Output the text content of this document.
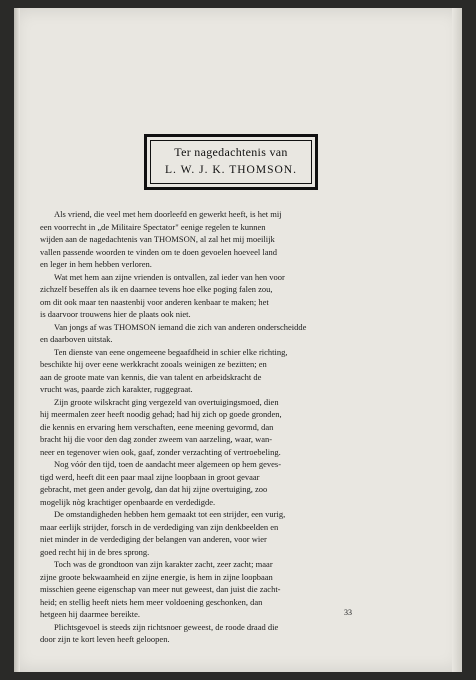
Ter nagedachtenis van
L. W. J. K. THOMSON.
Als vriend, die veel met hem doorleefd en gewerkt heeft, is het mij
een voorrecht in „de Militaire Spectator" eenige regelen te kunnen
wijden aan de nagedachtenis van THOMSON, al zal het mij moeilijk
vallen passende woorden te vinden om te doen gevoelen hoeveel land
en leger in hem hebben verloren.
Wat met hem aan zijne vrienden is ontvallen, zal ieder van hen voor
zichzelf beseffen als ik en daarnee tevens hoe elke poging falen zou,
om dit ook maar ten naastenbij voor anderen kenbaar te maken; het
is daarvoor trouwens hier de plaats ook niet.
Van jongs af was THOMSON iemand die zich van anderen onderscheidde
en daarboven uitstak.
Ten dienste van eene ongemeene begaafdheid in schier elke richting,
beschikte hij over eene werkkracht zooals weinigen ze bezitten; en
aan de groote mate van kennis, die van talent en arbeidskracht de
vrucht was, paarde zich karakter, ruggegraat.
Zijn groote wilskracht ging vergezeld van overtuigingsmoed, dien
hij meermalen zeer heeft noodig gehad; had hij zich op goede gronden,
die kennis en ervaring hem verschaften, eene meening gevormd, dan
bracht hij die voor den dag zonder zweem van aarzeling, waar, wan-
neer en tegenover wien ook, gaaf, zonder verzachting of vertroebeling.
Nog vóór den tijd, toen de aandacht meer algemeen op hem geves-
tigd werd, heeft dit een paar maal zijne loopbaan in groot gevaar
gebracht, met geen ander gevolg, dan dat hij zijne overtuiging, zoo
mogelijk nòg krachtiger openbaarde en verdedigde.
De omstandigheden hebben hem gemaakt tot een strijder, een vurig,
maar eerlijk strijder, forsch in de verdediging van zijn denkbeelden en
niet minder in de verdediging der belangen van anderen, voor wier
goed recht hij in de bres sprong.
Toch was de grondtoon van zijn karakter zacht, zeer zacht; maar
zijne groote bekwaamheid en zijne energie, is hem in zijne loopbaan
misschien geene eigenschap van meer nut geweest, dan juist die zacht-
heid; en stellig heeft niets hem meer voldoening geschonken, dan
hetgeen hij daarmee bereikte.
Plichtsgevoel is steeds zijn richtsnoer geweest, de roode draad die
door zijn te kort leven heeft geloopen.
33
